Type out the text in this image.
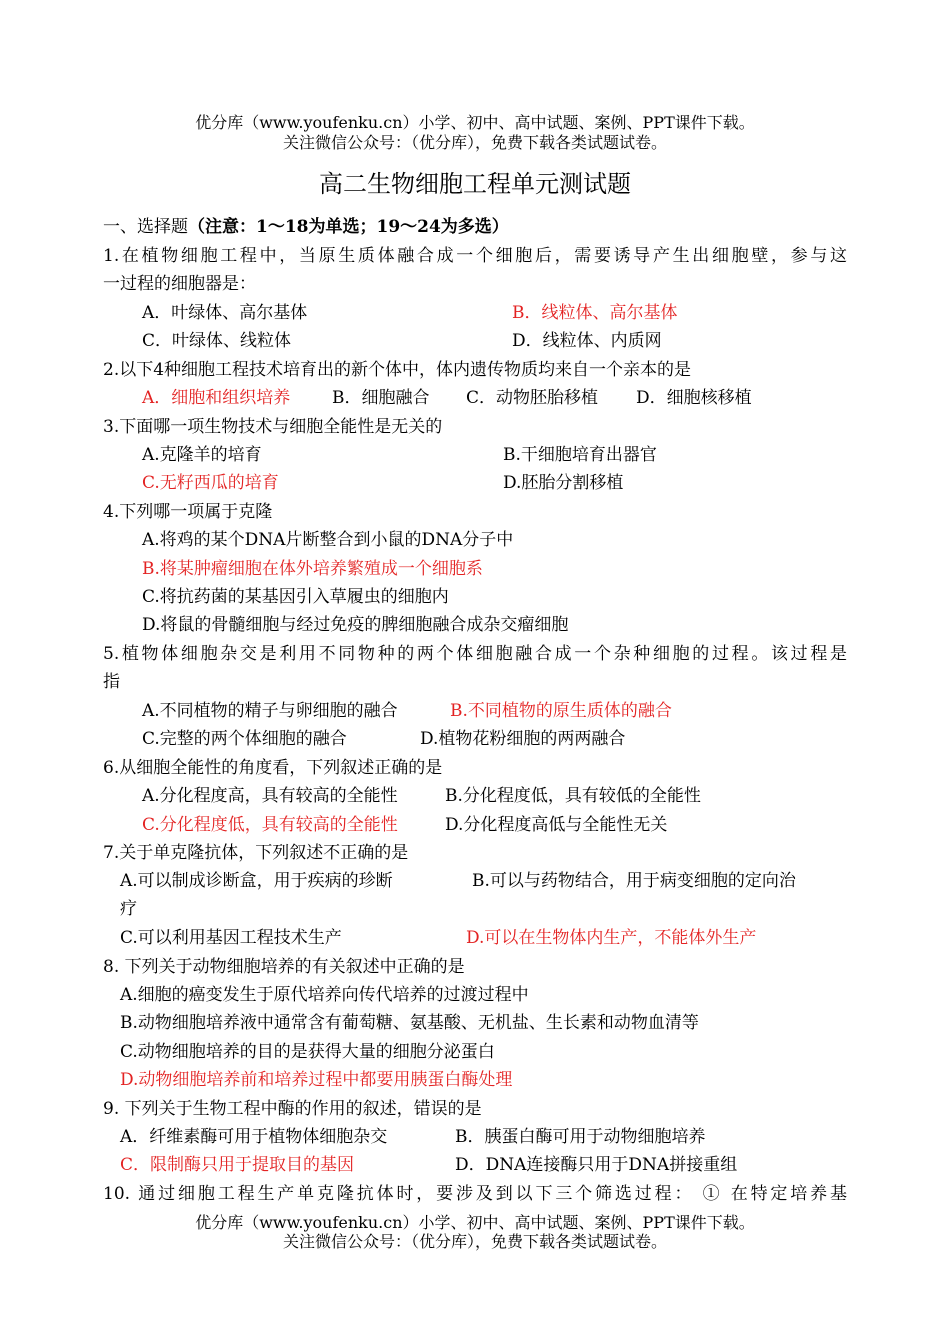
优分库（www.youfenku.cn）小学、初中、高中试题、案例、PPT课件下载。
关注微信公众号：（优分库），免费下载各类试题试卷。
高二生物细胞工程单元测试题
一、选择题（注意：1～18为单选；19～24为多选）
1.在植物细胞工程中，当原生质体融合成一个细胞后，需要诱导产生出细胞壁，参与这
一过程的细胞器是：
A．叶绿体、高尔基体	B．线粒体、高尔基体
C．叶绿体、线粒体	D．线粒体、内质网
2.以下4种细胞工程技术培育出的新个体中，体内遗传物质均来自一个亲本的是
A．细胞和组织培养 B．细胞融合 C．动物胚胎移植 D．细胞核移植
3.下面哪一项生物技术与细胞全能性是无关的
A.克隆羊的培育	B.干细胞培育出器官
C.无籽西瓜的培育	D.胚胎分割移植
4.下列哪一项属于克隆
A.将鸡的某个DNA片断整合到小鼠的DNA分子中
B.将某肿瘤细胞在体外培养繁殖成一个细胞系
C.将抗药菌的某基因引入草履虫的细胞内
D.将鼠的骨髓细胞与经过免疫的脾细胞融合成杂交瘤细胞
5.植物体细胞杂交是利用不同物种的两个体细胞融合成一个杂种细胞的过程。该过程是
指
A.不同植物的精子与卵细胞的融合	B.不同植物的原生质体的融合
C.完整的两个体细胞的融合	D.植物花粉细胞的两两融合
6.从细胞全能性的角度看，下列叙述正确的是
A.分化程度高，具有较高的全能性	B.分化程度低，具有较低的全能性
C.分化程度低，具有较高的全能性	D.分化程度高低与全能性无关
7.关于单克隆抗体，下列叙述不正确的是
A.可以制成诊断盒，用于疾病的珍断	B.可以与药物结合，用于病变细胞的定向治
疗
C.可以利用基因工程技术生产	D.可以在生物体内生产，不能体外生产
8. 下列关于动物细胞培养的有关叙述中正确的是
A.细胞的癌变发生于原代培养向传代培养的过渡过程中
B.动物细胞培养液中通常含有葡萄糖、氨基酸、无机盐、生长素和动物血清等
C.动物细胞培养的目的是获得大量的细胞分泌蛋白
D.动物细胞培养前和培养过程中都要用胰蛋白酶处理
9. 下列关于生物工程中酶的作用的叙述，错误的是
A．纤维素酶可用于植物体细胞杂交	B．胰蛋白酶可用于动物细胞培养
C．限制酶只用于提取目的基因	D．DNA连接酶只用于DNA拼接重组
10. 通过细胞工程生产单克隆抗体时，要涉及到以下三个筛选过程： ① 在特定培养基
优分库（www.youfenku.cn）小学、初中、高中试题、案例、PPT课件下载。
关注微信公众号：（优分库），免费下载各类试题试卷。
